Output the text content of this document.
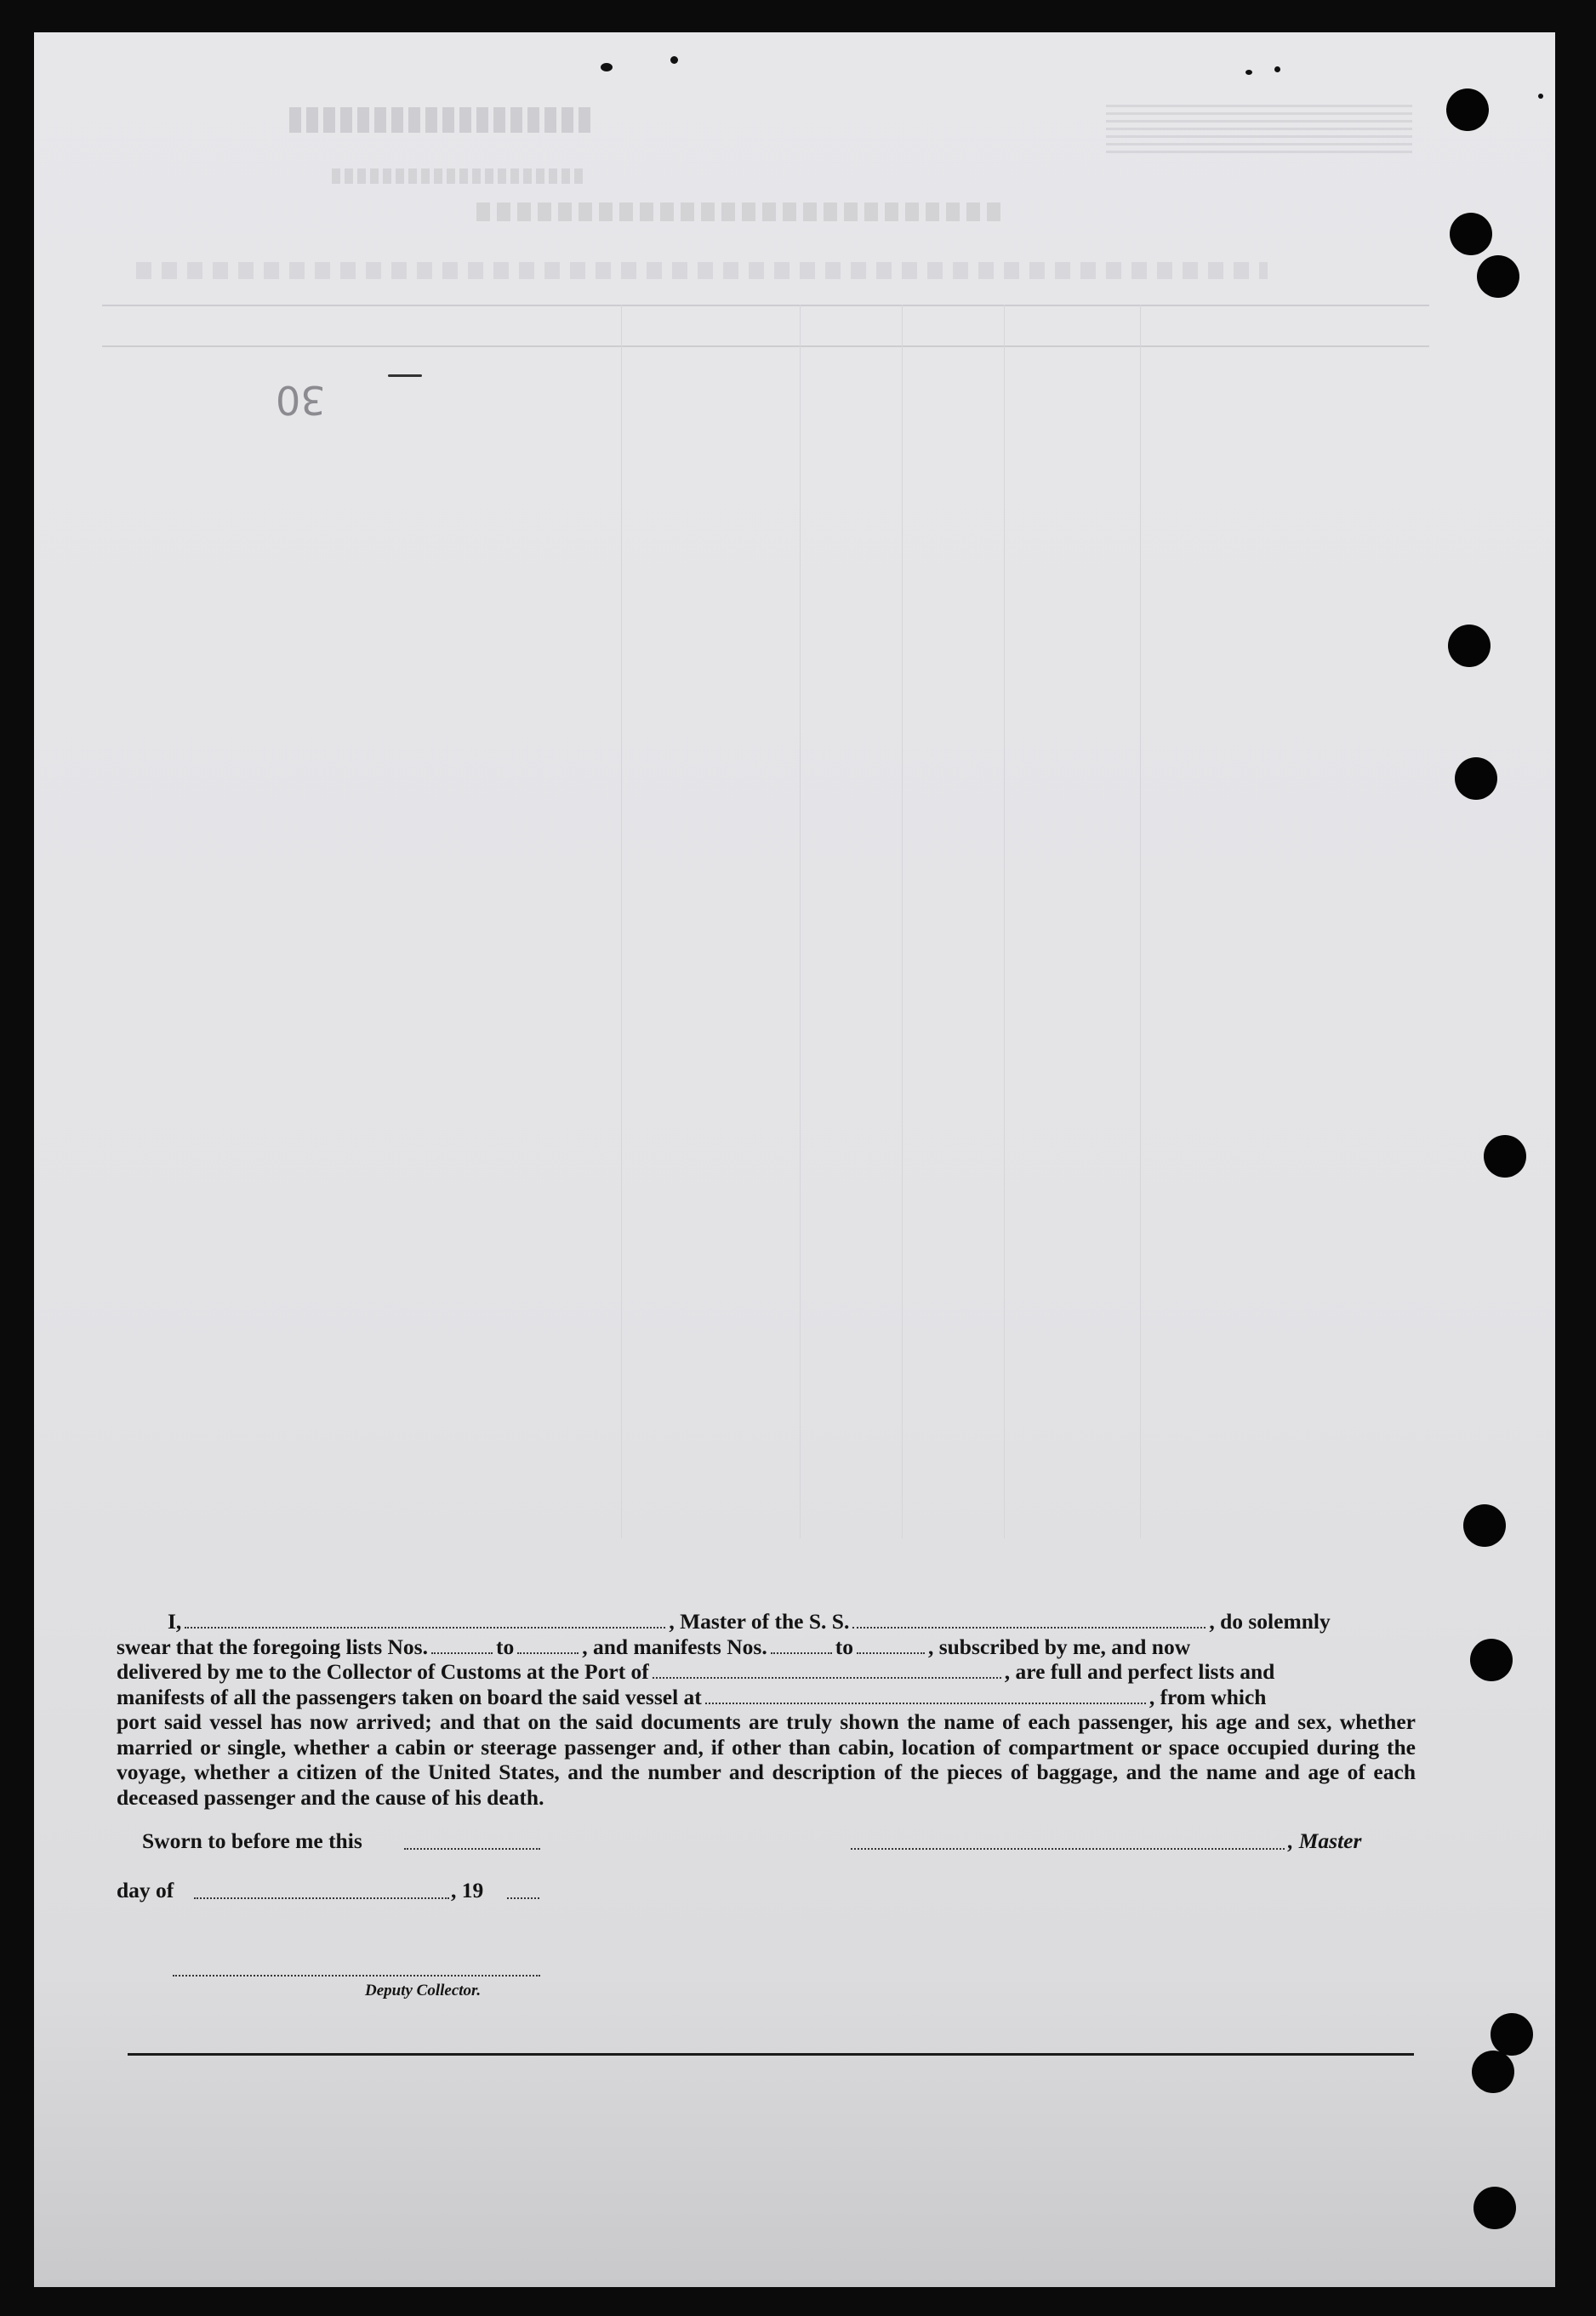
30

I,	, Master of the S. S.	, do solemnly

swear that the foregoing lists Nos.	to	, and manifests Nos.	to	, subscribed by me, and now

delivered by me to the Collector of Customs at the Port of	, are full and perfect lists and

manifests of all the passengers taken on board the said vessel at	, from which

port said vessel has now arrived; and that on the said documents are truly shown the name of each passenger, his age and sex, whether married or single, whether a cabin or steerage passenger and, if other than cabin, location of compartment or space occupied during the voyage, whether a citizen of the United States, and the number and description of the pieces of baggage, and the name and age of each deceased passenger and the cause of his death.

Sworn to before me this	, Master
day of	, 19
Deputy Collector.
